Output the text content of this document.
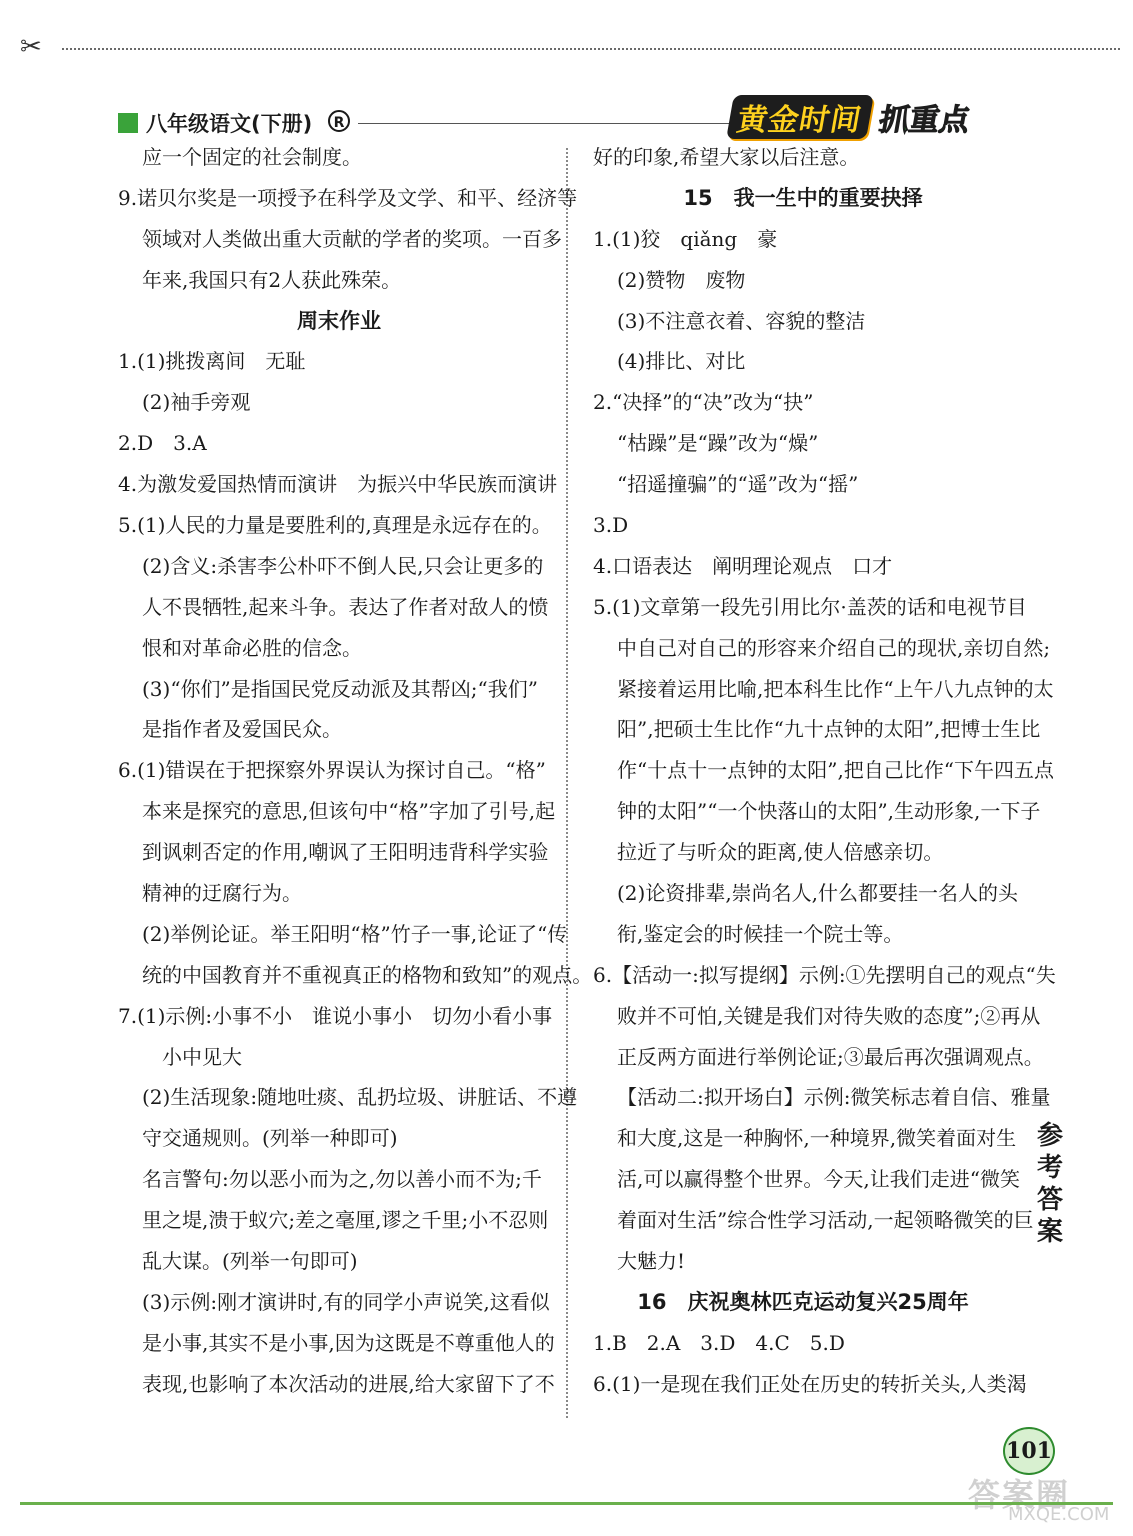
✂
八年级语文(下册)	R	黄金时间 抓重点
应一个固定的社会制度。
9.诺贝尔奖是一项授予在科学及文学、和平、经济等
领域对人类做出重大贡献的学者的奖项。一百多
年来,我国只有2人获此殊荣。
周末作业
1.(1)挑拨离间　无耻
(2)袖手旁观
2.D　3.A
4.为激发爱国热情而演讲　为振兴中华民族而演讲
5.(1)人民的力量是要胜利的,真理是永远存在的。
(2)含义:杀害李公朴吓不倒人民,只会让更多的
人不畏牺牲,起来斗争。表达了作者对敌人的愤
恨和对革命必胜的信念。
(3)“你们”是指国民党反动派及其帮凶;“我们”
是指作者及爱国民众。
6.(1)错误在于把探察外界误认为探讨自己。“格”
本来是探究的意思,但该句中“格”字加了引号,起
到讽刺否定的作用,嘲讽了王阳明违背科学实验
精神的迂腐行为。
(2)举例论证。举王阳明“格”竹子一事,论证了“传
统的中国教育并不重视真正的格物和致知”的观点。
7.(1)示例:小事不小　谁说小事小　切勿小看小事
小中见大
(2)生活现象:随地吐痰、乱扔垃圾、讲脏话、不遵
守交通规则。(列举一种即可)
名言警句:勿以恶小而为之,勿以善小而不为;千
里之堤,溃于蚁穴;差之毫厘,谬之千里;小不忍则
乱大谋。(列举一句即可)
(3)示例:刚才演讲时,有的同学小声说笑,这看似
是小事,其实不是小事,因为这既是不尊重他人的
表现,也影响了本次活动的进展,给大家留下了不
好的印象,希望大家以后注意。
15　我一生中的重要抉择
1.(1)狡　qiǎng　豪
(2)赞物　废物
(3)不注意衣着、容貌的整洁
(4)排比、对比
2.“决择”的“决”改为“抉”
“枯躁”是“躁”改为“燥”
“招遥撞骗”的“遥”改为“摇”
3.D
4.口语表达　阐明理论观点　口才
5.(1)文章第一段先引用比尔·盖茨的话和电视节目
中自己对自己的形容来介绍自己的现状,亲切自然;
紧接着运用比喻,把本科生比作“上午八九点钟的太
阳”,把硕士生比作“九十点钟的太阳”,把博士生比
作“十点十一点钟的太阳”,把自己比作“下午四五点
钟的太阳”“一个快落山的太阳”,生动形象,一下子
拉近了与听众的距离,使人倍感亲切。
(2)论资排辈,崇尚名人,什么都要挂一名人的头
衔,鉴定会的时候挂一个院士等。
6.【活动一:拟写提纲】示例:①先摆明自己的观点“失
败并不可怕,关键是我们对待失败的态度”;②再从
正反两方面进行举例论证;③最后再次强调观点。
【活动二:拟开场白】示例:微笑标志着自信、雅量
和大度,这是一种胸怀,一种境界,微笑着面对生
活,可以赢得整个世界。今天,让我们走进“微笑
着面对生活”综合性学习活动,一起领略微笑的巨
大魅力!
16　庆祝奥林匹克运动复兴25周年
1.B　2.A　3.D　4.C　5.D
6.(1)一是现在我们正处在历史的转折关头,人类渴
参
考
答
案
101
答案圈
MXQE.COM
